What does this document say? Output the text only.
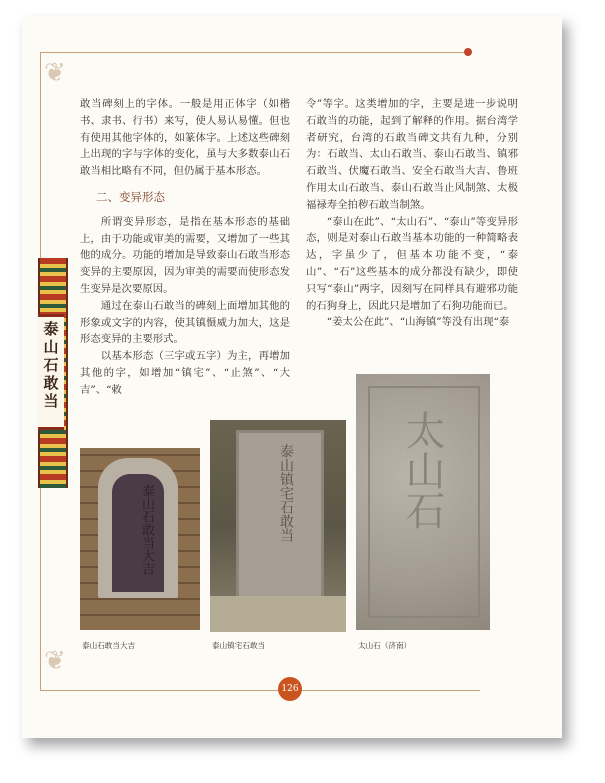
❦
❦
泰山石敢当

敢当碑刻上的字体。一般是用正体字（如楷书、隶书、行书）来写，使人易认易懂。但也有使用其他字体的，如篆体字。上述这些碑刻上出现的字与字体的变化，虽与大多数泰山石敢当相比略有不同，但仍属于基本形态。

二、变异形态

所谓变异形态，是指在基本形态的基础上，由于功能或审美的需要，又增加了一些其他的成分。功能的增加是导致泰山石敢当形态变异的主要原因，因为审美的需要而使形态发生变异是次要原因。

通过在泰山石敢当的碑刻上面增加其他的形象或文字的内容，使其镇慑威力加大，这是形态变异的主要形式。

以基本形态（三字或五字）为主，再增加其他的字，如增加“镇宅”、“止煞”、“大吉”、“敕

令”等字。这类增加的字，主要是进一步说明石敢当的功能，起到了解释的作用。据台湾学者研究，台湾的石敢当碑文共有九种，分别为：石敢当、太山石敢当、泰山石敢当、镇邪石敢当、伏魔石敢当、安全石敢当大吉、鲁班作用太山石敢当、泰山石敢当止风制煞、太极福禄寿全拍秽石敢当制煞。

“泰山在此”、“太山石”、“泰山”等变异形态，则是对泰山石敢当基本功能的一种简略表达，字虽少了，但基本功能不变，“泰山”、“石”这些基本的成分都没有缺少，即使只写“泰山”两字，因刻写在同样具有避邪功能的石狗身上，因此只是增加了石狗功能而已。

“姜太公在此”、“山海镇”等没有出现“泰

泰山石敢当大吉
泰山石敢当大吉
泰山镇宅石敢当
泰山镇宅石敢当
太山石
太山石（济南）
126
